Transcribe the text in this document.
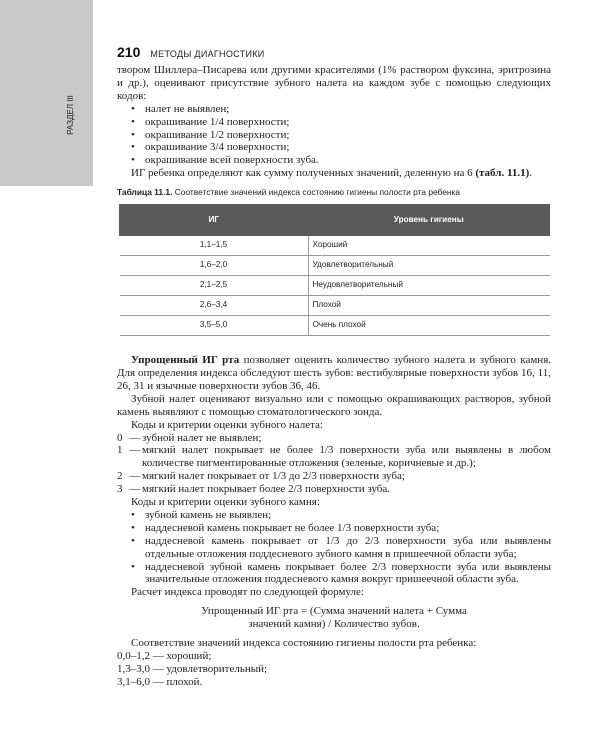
РАЗДЕЛ III
210 МЕТОДЫ ДИАГНОСТИКИ

твором Шиллера–Писарева или другими красителями (1% раствором фуксина, эритрозина и др.), оценивают присутствие зубного налета на каждом зубе с помощью следующих кодов:

• налет не выявлен;
• окрашивание 1/4 поверхности;
• окрашивание 1/2 поверхности;
• окрашивание 3/4 поверхности;
• окрашивание всей поверхности зуба.

ИГ ребенка определяют как сумму полученных значений, деленную на 6 (табл. 11.1).

Таблица 11.1. Соответствие значений индекса состоянию гигиены полости рта ребенка
ИГ	Уровень гигиены
1,1–1,5	Хороший
1,6–2,0	Удовлетворительный
2,1–2,5	Неудовлетворительный
2,6–3,4	Плохой
3,5–5,0	Очень плохой

Упрощенный ИГ рта позволяет оценить количество зубного налета и зубного камня. Для определения индекса обследуют шесть зубов: вестибулярные поверхности зубов 16, 11, 26, 31 и язычные поверхности зубов 36, 46.

Зубной налет оценивают визуально или с помощью окрашивающих растворов, зубной камень выявляют с помощью стоматологического зонда.

Коды и критерии оценки зубного налета:

0 — зубной налет не выявлен;
1 — мягкий налет покрывает не более 1/3 поверхности зуба или выявлены в любом количестве пигментированные отложения (зеленые, коричневые и др.);
2 — мягкий налет покрывает от 1/3 до 2/3 поверхности зуба;
3 — мягкий налет покрывает более 2/3 поверхности зуба.

Коды и критерии оценки зубного камня:

• зубной камень не выявлен;
• наддесневой камень покрывает не более 1/3 поверхности зуба;
• наддесневой камень покрывает от 1/3 до 2/3 поверхности зуба или выявлены отдельные отложения поддесневого зубного камня в пришеечной области зуба;
• наддесневой зубной камень покрывает более 2/3 поверхности зуба или выявлены значительные отложения поддесневого камня вокруг пришеечной области зуба.

Расчет индекса проводят по следующей формуле:

Упрощенный ИГ рта = (Сумма значений налета + Сумма
значений камня) / Количество зубов.

Соответствие значений индекса состоянию гигиены полости рта ребенка:

0,0–1,2 — хороший;
1,3–3,0 — удовлетворительный;
3,1–6,0 — плохой.
